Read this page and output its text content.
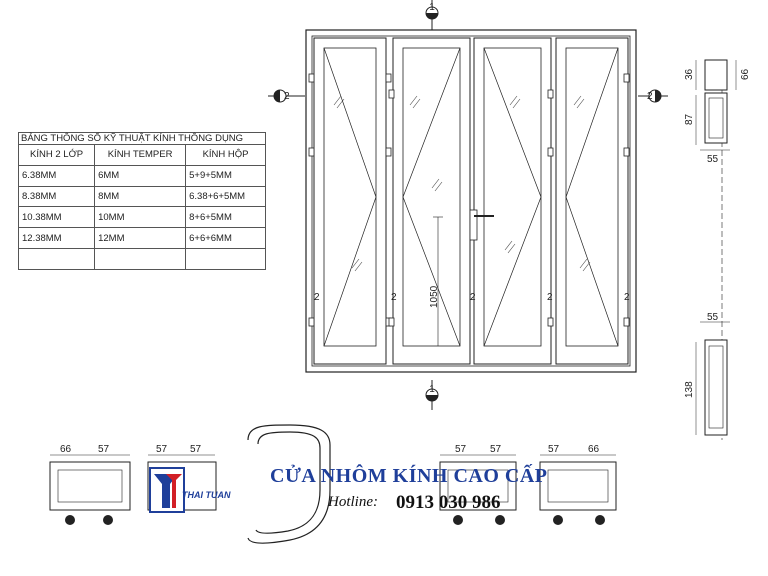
1
1
2	2
2	2	2	2	2
1050
36	66
87
55
55
138
66	57	57 57	57 57	57	66
BẢNG THÔNG SỐ KỸ THUẬT KÍNH THÔNG DỤNG
KÍNH 2 LỚP	KÍNH TEMPER	KÍNH HỘP
6.38MM	6MM	5+9+5MM
8.38MM	8MM	6.38+6+5MM
10.38MM	10MM	8+6+5MM
12.38MM	12MM	6+6+6MM

THAI TUAN
CỬA NHÔM KÍNH CAO CẤP
Hotline: 0913 030 986
